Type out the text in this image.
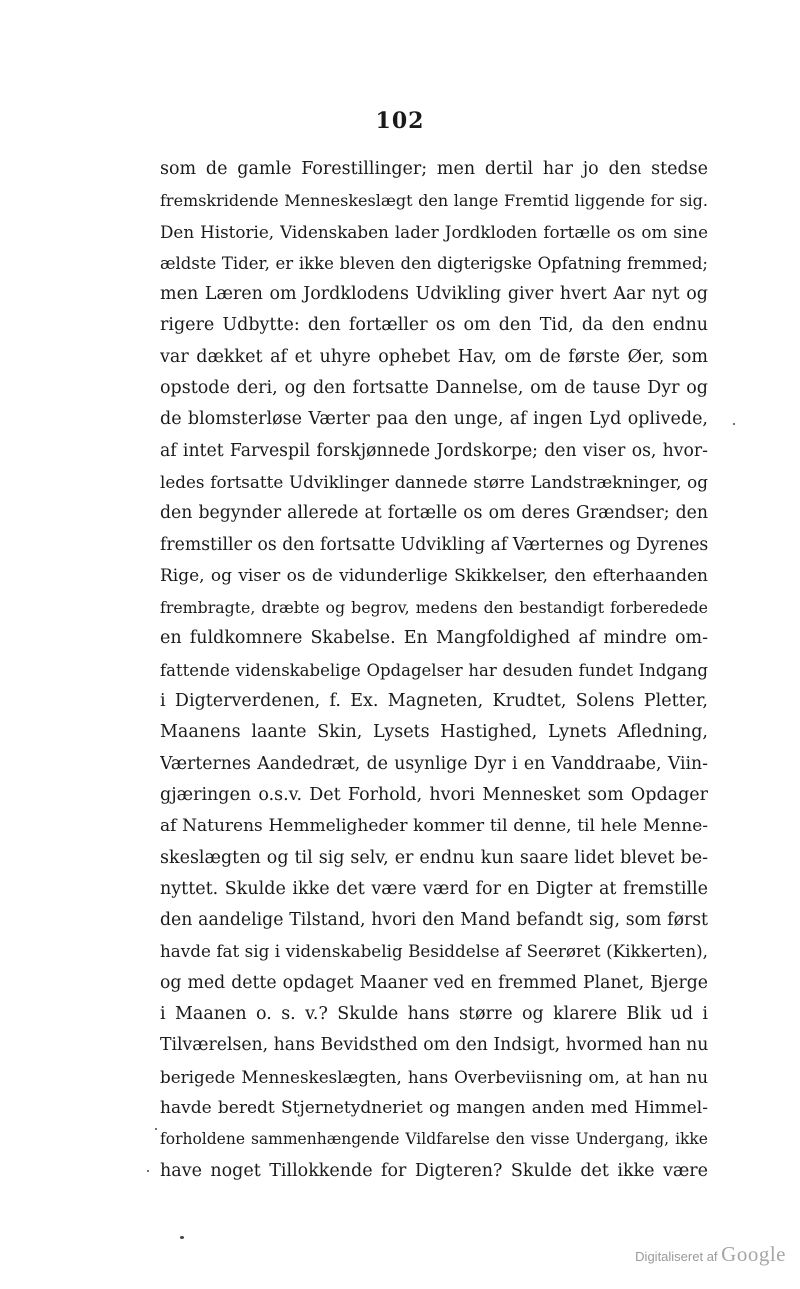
102
som de gamle Forestillinger; men dertil har jo den stedse
fremskridende Menneskeslægt den lange Fremtid liggende for sig.
Den Historie, Videnskaben lader Jordkloden fortælle os om sine
ældste Tider, er ikke bleven den digterigske Opfatning fremmed;
men Læren om Jordklodens Udvikling giver hvert Aar nyt og
rigere Udbytte: den fortæller os om den Tid, da den endnu
var dækket af et uhyre ophebet Hav, om de første Øer, som
opstode deri, og den fortsatte Dannelse, om de tause Dyr og
de blomsterløse Værter paa den unge, af ingen Lyd oplivede,
af intet Farvespil forskjønnede Jordskorpe; den viser os, hvor-
ledes fortsatte Udviklinger dannede større Landstrækninger, og
den begynder allerede at fortælle os om deres Grændser; den
fremstiller os den fortsatte Udvikling af Værternes og Dyrenes
Rige, og viser os de vidunderlige Skikkelser, den efterhaanden
frembragte, dræbte og begrov, medens den bestandigt forberedede
en fuldkomnere Skabelse. En Mangfoldighed af mindre om-
fattende videnskabelige Opdagelser har desuden fundet Indgang
i Digterverdenen, f. Ex. Magneten, Krudtet, Solens Pletter,
Maanens laante Skin, Lysets Hastighed, Lynets Afledning,
Værternes Aandedræt, de usynlige Dyr i en Vanddraabe, Viin-
gjæringen o.s.v. Det Forhold, hvori Mennesket som Opdager
af Naturens Hemmeligheder kommer til denne, til hele Menne-
skeslægten og til sig selv, er endnu kun saare lidet blevet be-
nyttet. Skulde ikke det være værd for en Digter at fremstille
den aandelige Tilstand, hvori den Mand befandt sig, som først
havde fat sig i videnskabelig Besiddelse af Seerøret (Kikkerten),
og med dette opdaget Maaner ved en fremmed Planet, Bjerge
i Maanen o. s. v.? Skulde hans større og klarere Blik ud i
Tilværelsen, hans Bevidsthed om den Indsigt, hvormed han nu
berigede Menneskeslægten, hans Overbeviisning om, at han nu
havde beredt Stjernetydneriet og mangen anden med Himmel-
forholdene sammenhængende Vildfarelse den visse Undergang, ikke
have noget Tillokkende for Digteren? Skulde det ikke være
Digitaliseret af Google
